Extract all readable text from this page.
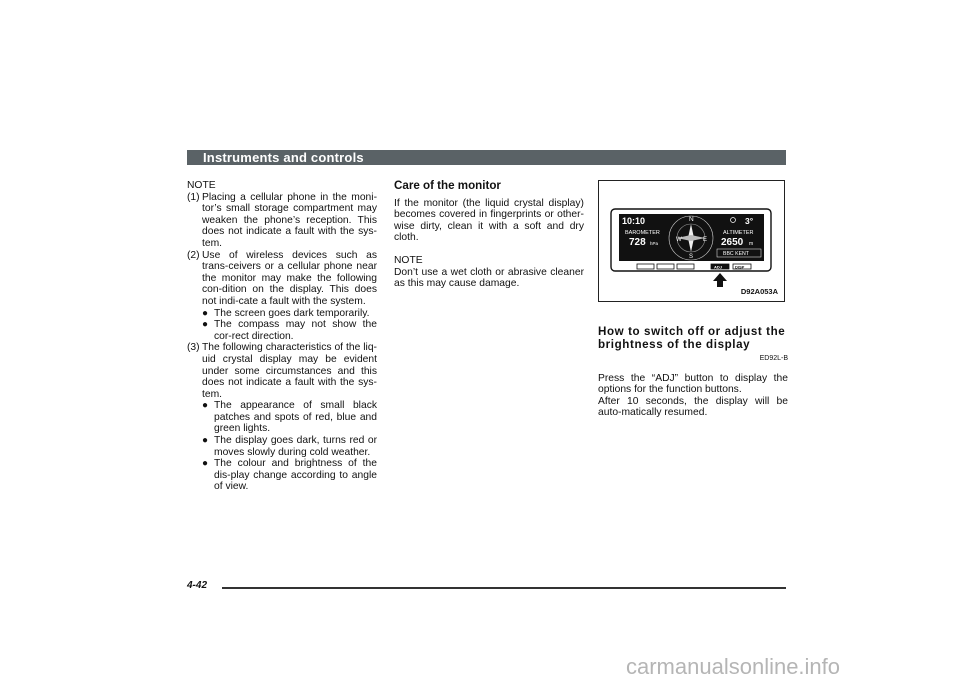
Instruments and controls

NOTE

(1) Placing a cellular phone in the moni-tor’s small storage compartment may weaken the phone’s reception. This does not indicate a fault with the sys-tem.
(2) Use of wireless devices such as trans-ceivers or a cellular phone near the monitor may make the following con-dition on the display. This does not indi-cate a fault with the system.
● The screen goes dark temporarily.
● The compass may not show the cor-rect direction.
(3) The following characteristics of the liq-uid crystal display may be evident under some circumstances and this does not indicate a fault with the sys-tem.
● The appearance of small black patches and spots of red, blue and green lights.
● The display goes dark, turns red or moves slowly during cold weather.
● The colour and brightness of the dis-play change according to angle of view.

Care of the monitor

If the monitor (the liquid crystal display) becomes covered in fingerprints or other-wise dirty, clean it with a soft and dry cloth.

NOTE

Don’t use a wet cloth or abrasive cleaner as this may cause damage.

N
W	E
S
10:10
BAROMETER
728 hPa
3°
ALTIMETER
2650 m
BBC KENT
ADJ	DISP
D92A053A

How to switch off or adjust the brightness of the display

ED92L-B

Press the “ADJ” button to display the options for the function buttons.

After 10 seconds, the display will be auto-matically resumed.

4-42
carmanualsonline.info
